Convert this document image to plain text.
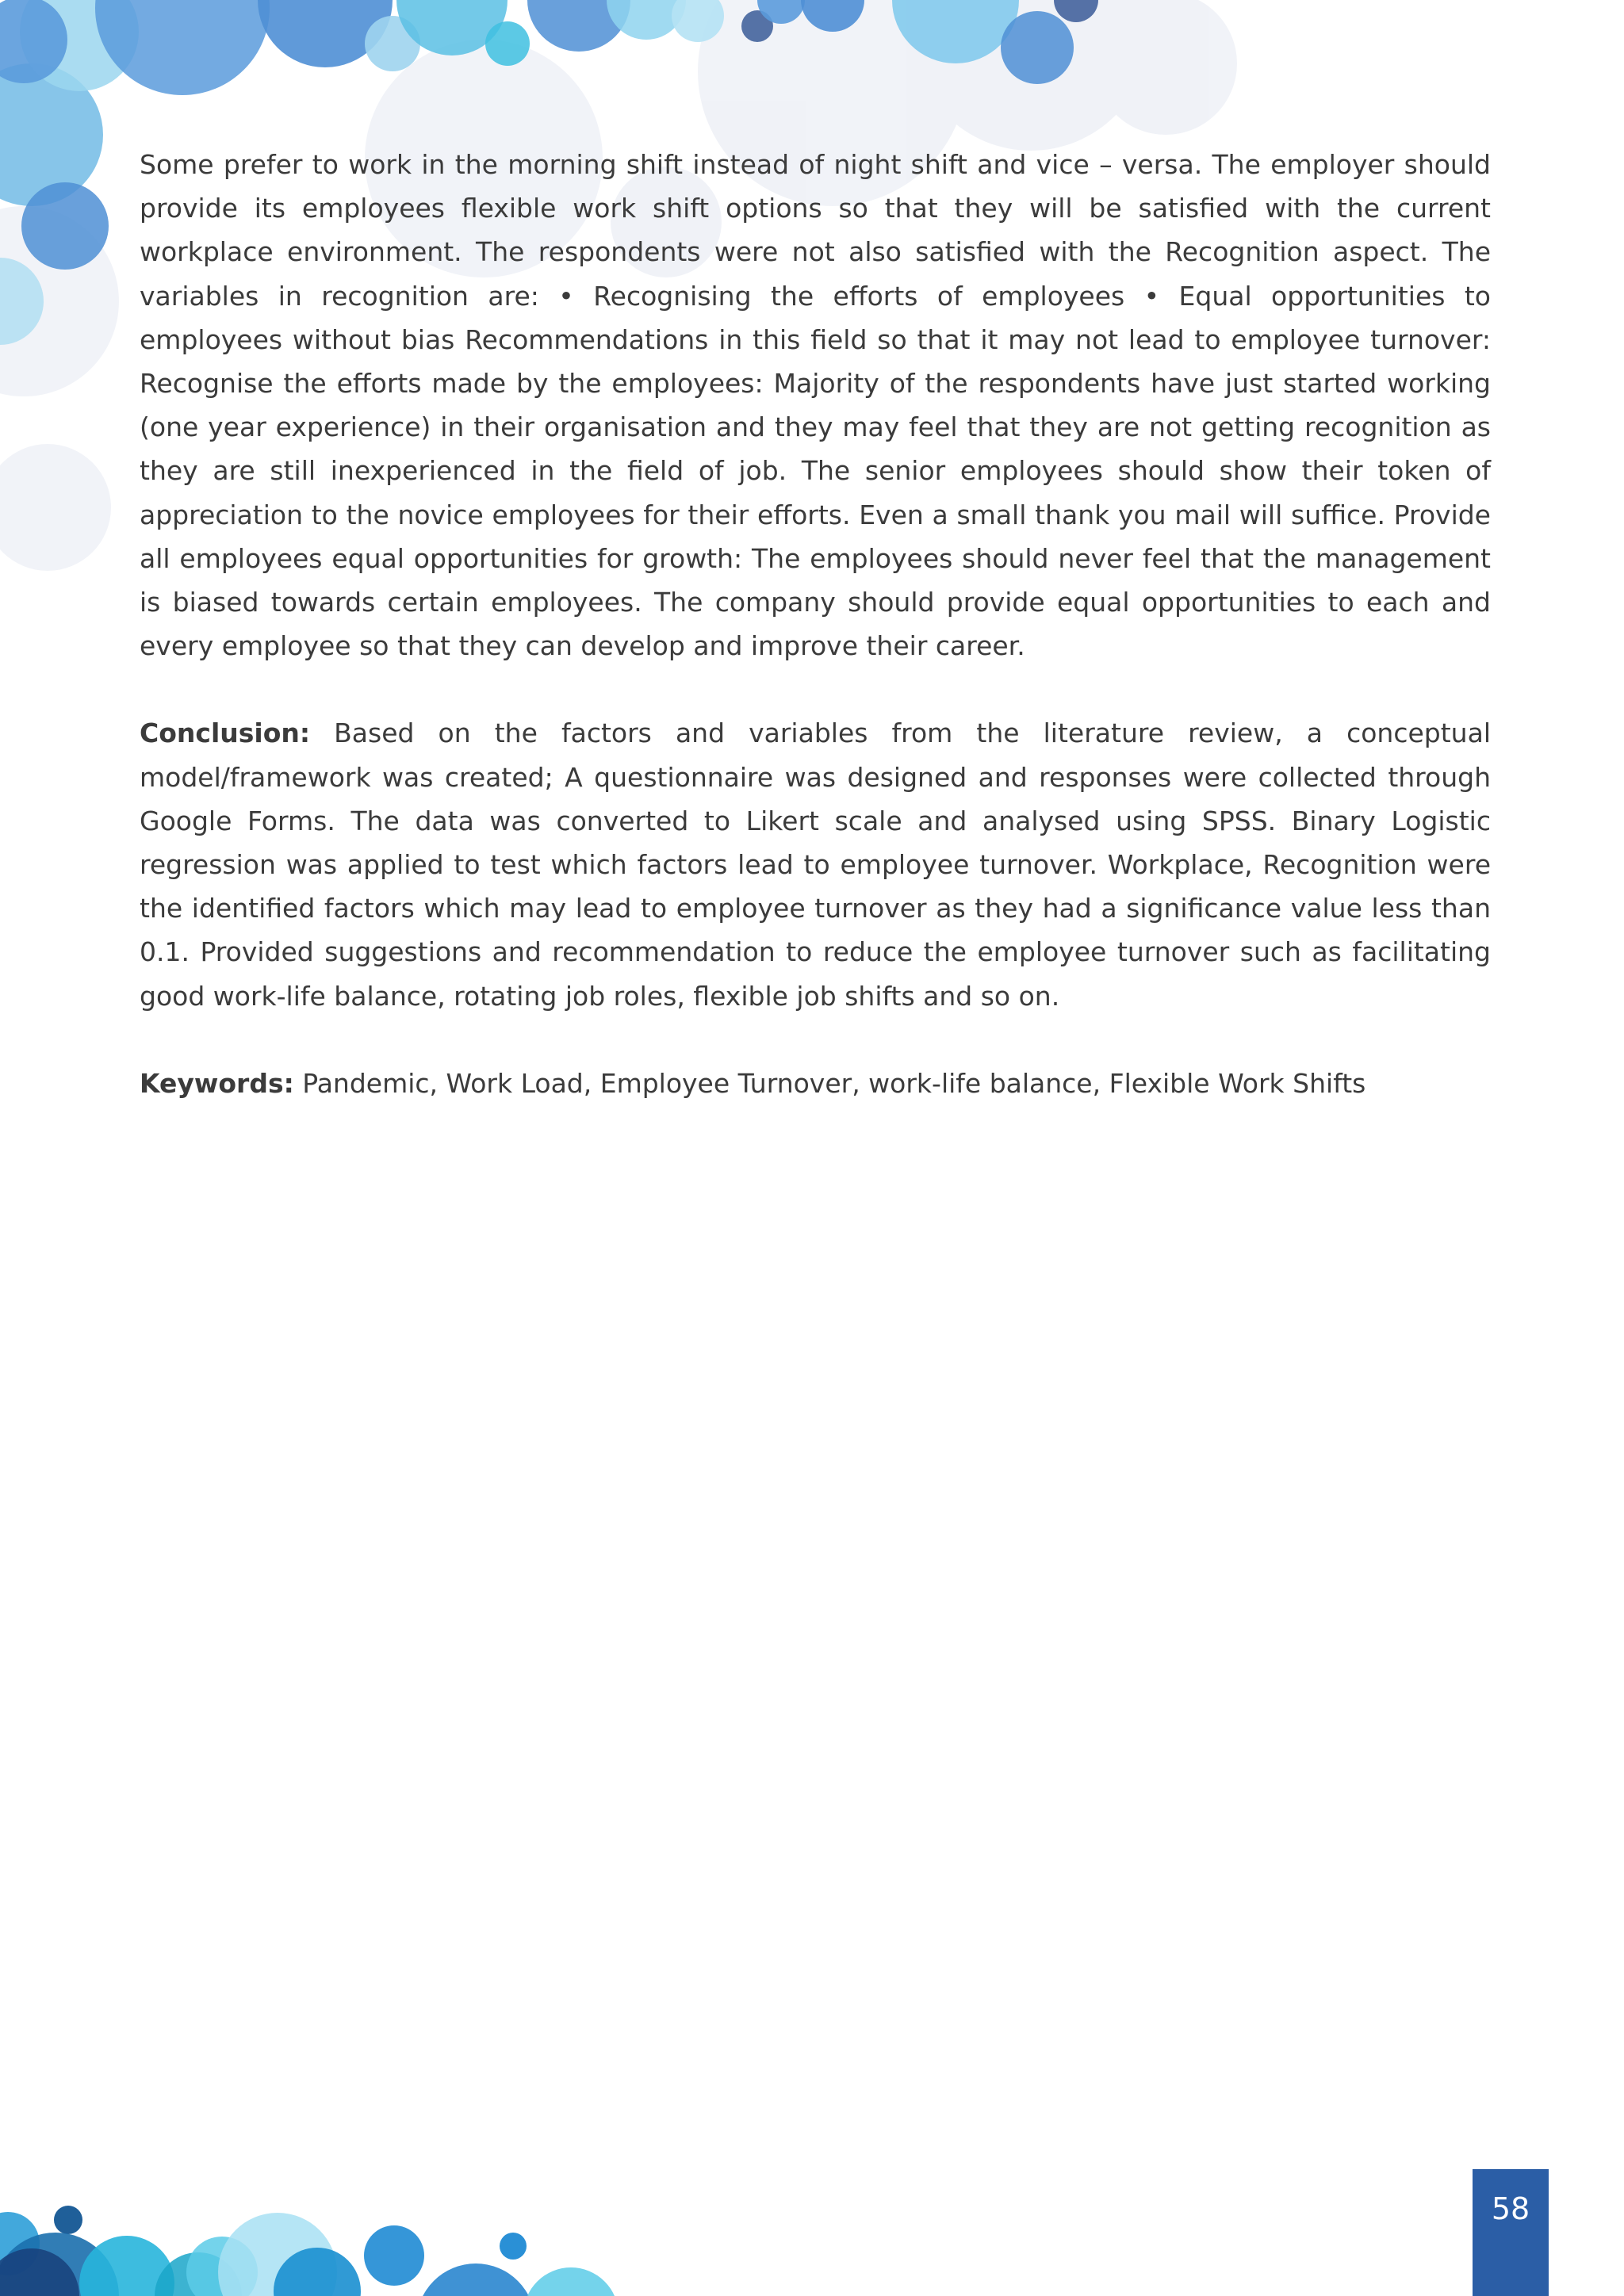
Some prefer to work in the morning shift instead of night shift and vice – versa. The employer should provide its employees flexible work shift options so that they will be satisfied with the current workplace environment. The respondents were not also satisfied with the Recognition aspect. The variables in recognition are: • Recognising the efforts of employees • Equal opportunities to employees without bias Recommendations in this field so that it may not lead to employee turnover: Recognise the efforts made by the employees: Majority of the respondents have just started working (one year experience) in their organisation and they may feel that they are not getting recognition as they are still inexperienced in the field of job. The senior employees should show their token of appreciation to the novice employees for their efforts. Even a small thank you mail will suffice. Provide all employees equal opportunities for growth: The employees should never feel that the management is biased towards certain employees. The company should provide equal opportunities to each and every employee so that they can develop and improve their career.

Conclusion: Based on the factors and variables from the literature review, a conceptual model/framework was created; A questionnaire was designed and responses were collected through Google Forms. The data was converted to Likert scale and analysed using SPSS. Binary Logistic regression was applied to test which factors lead to employee turnover. Workplace, Recognition were the identified factors which may lead to employee turnover as they had a significance value less than 0.1. Provided suggestions and recommendation to reduce the employee turnover such as facilitating good work-life balance, rotating job roles, flexible job shifts and so on.

Keywords: Pandemic, Work Load, Employee Turnover, work-life balance, Flexible Work Shifts

58
